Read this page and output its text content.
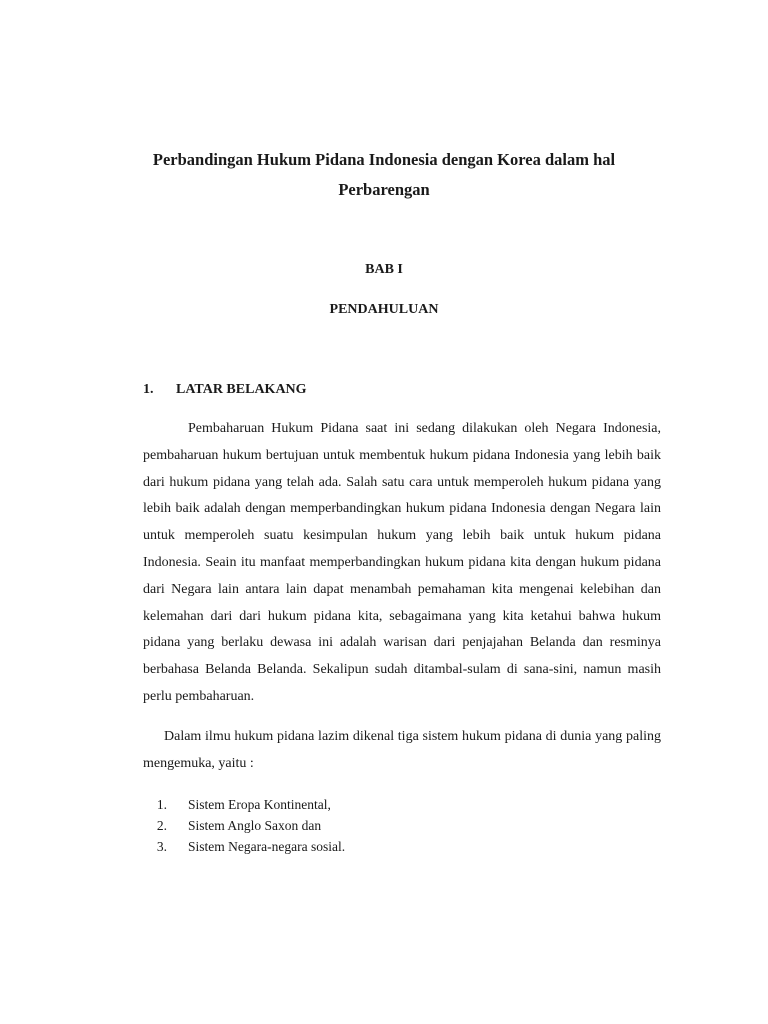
Perbandingan Hukum Pidana Indonesia dengan Korea dalam hal Perbarengan
BAB I
PENDAHULUAN
1. LATAR BELAKANG
Pembaharuan Hukum Pidana saat ini sedang dilakukan oleh Negara Indonesia, pembaharuan hukum bertujuan untuk membentuk hukum pidana Indonesia yang lebih baik dari hukum pidana yang telah ada. Salah satu cara untuk memperoleh hukum pidana yang lebih baik adalah dengan memperbandingkan hukum pidana Indonesia dengan Negara lain untuk memperoleh suatu kesimpulan hukum yang lebih baik untuk hukum pidana Indonesia. Seain itu manfaat memperbandingkan hukum pidana kita dengan hukum pidana dari Negara lain antara lain dapat menambah pemahaman kita mengenai kelebihan dan kelemahan dari dari hukum pidana kita, sebagaimana yang kita ketahui bahwa hukum pidana yang berlaku dewasa ini adalah warisan dari penjajahan Belanda dan resminya berbahasa Belanda Belanda. Sekalipun sudah ditambal-sulam di sana-sini, namun masih perlu pembaharuan.
Dalam ilmu hukum pidana lazim dikenal tiga sistem hukum pidana di dunia yang paling mengemuka, yaitu :
1. Sistem Eropa Kontinental,
2. Sistem Anglo Saxon dan
3. Sistem Negara-negara sosial.
